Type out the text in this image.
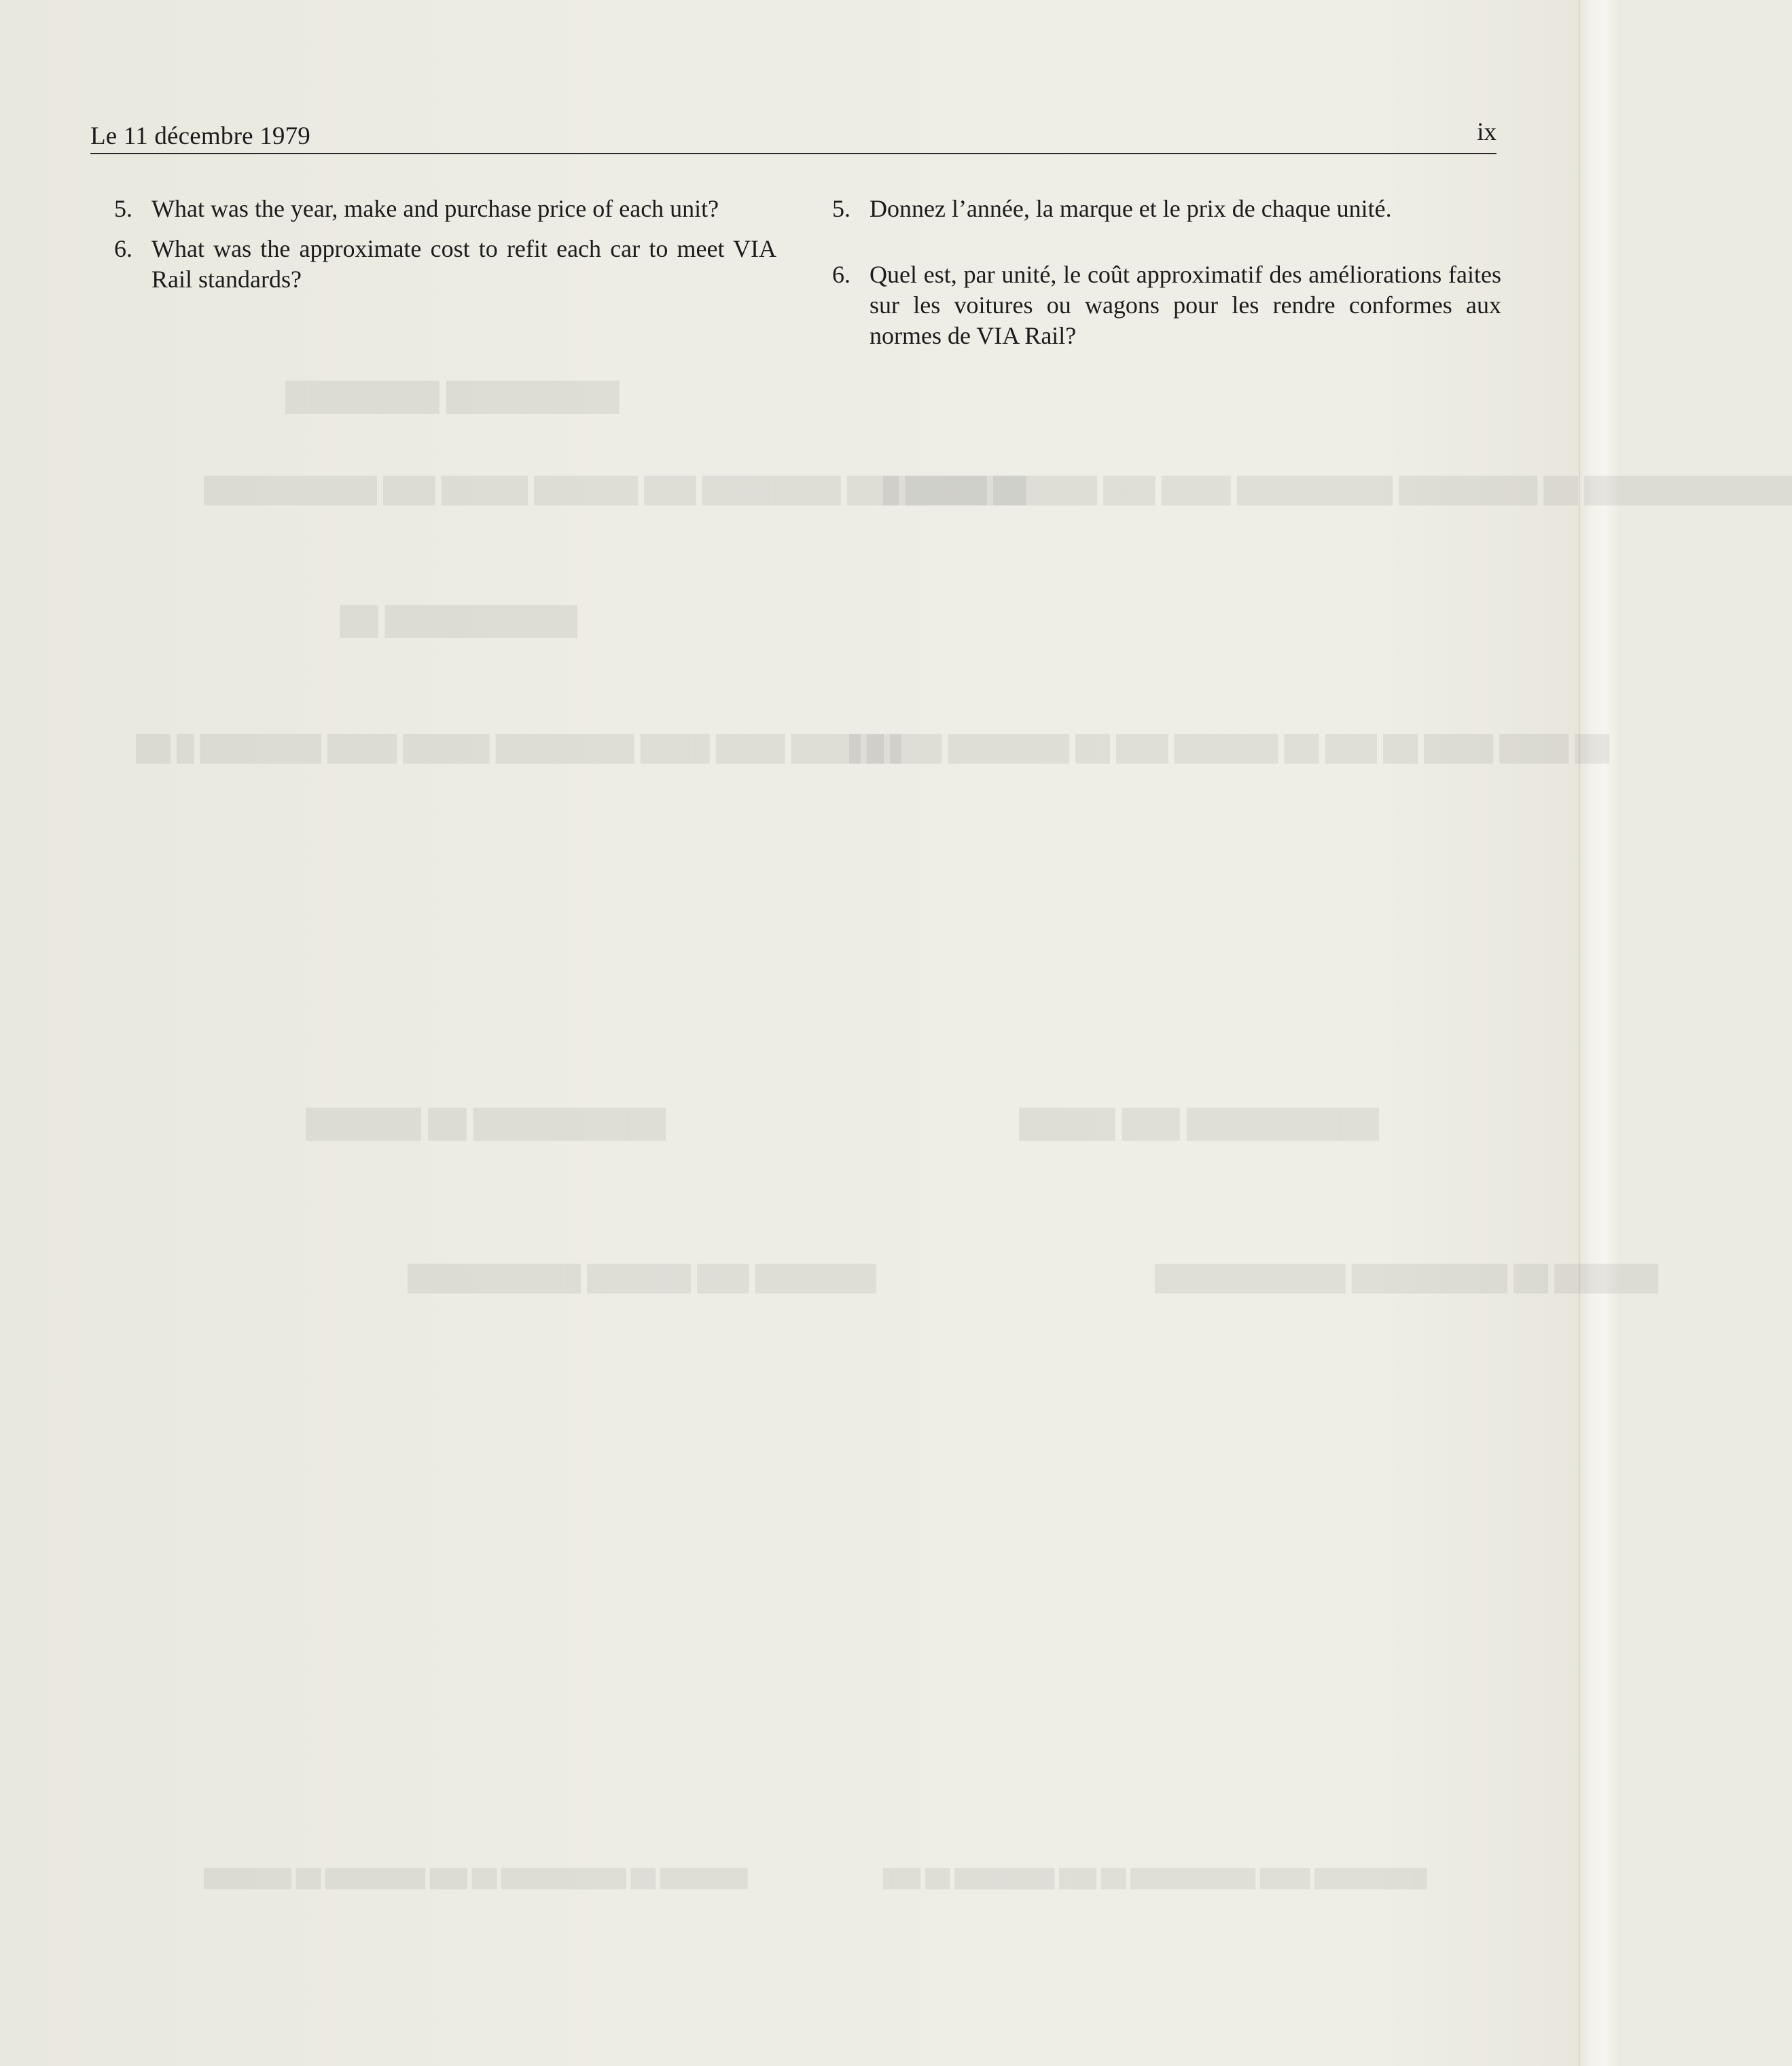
█████████ ████████
███████ ███ ████████ ███ ██████ █████ ███ ██████████
████████████ ██ ████████ █████████ ████ ███ ██████ ██████
██████████ ██
██ ████ ████ ████ ████████ █████ ████ ███████ █ ██
██ ████ ████ ██ ███ ██ ██████ ███ ██ ███████ ███ ██
██████████ ██ ██████	██████████ ███ █████
███████ ███ ██████ ██████████	██████ ██ █████████ ███████████
███████ ██ ██████████ ██ ███ ████████ ██ ███████	█████████ ████ ██████████ ██ ███ ████████ ██ ███
Le 11 décembre 1979	ix
5. What was the year, make and purchase price of each unit?
6. What was the approximate cost to refit each car to meet VIA Rail standards?
5. Donnez l’année, la marque et le prix de chaque unité.
6. Quel est, par unité, le coût approximatif des améliorations faites sur les voitures ou wagons pour les rendre conformes aux normes de VIA Rail?
